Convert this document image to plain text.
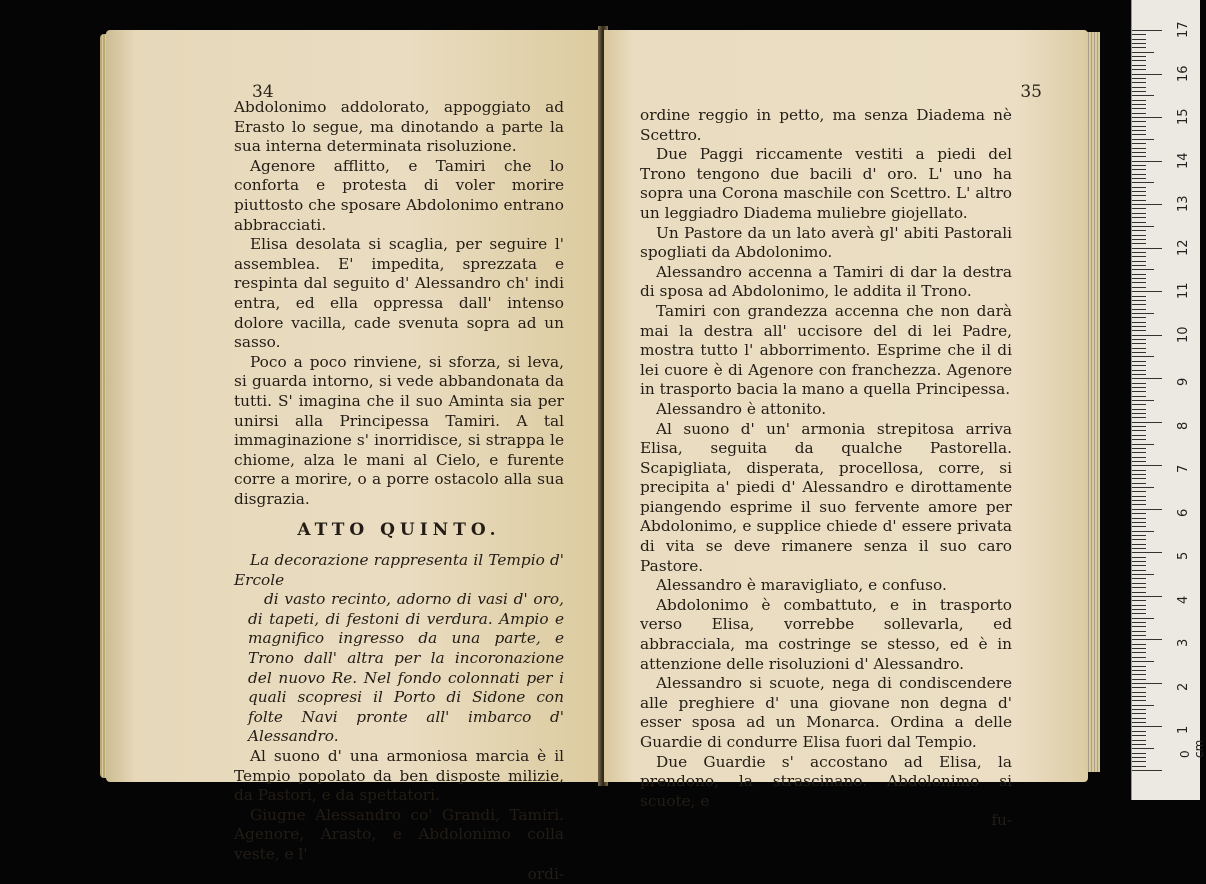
34

Abdolonimo addolorato, appoggiato ad Erasto lo segue, ma dinotando a parte la sua interna determinata risoluzione.

Agenore afflitto, e Tamiri che lo conforta e protesta di voler morire piuttosto che sposare Abdolonimo entrano abbracciati.

Elisa desolata si scaglia, per seguire l' assemblea. E' impedita, sprezzata e respinta dal seguito d' Alessandro ch' indi entra, ed ella oppressa dall' intenso dolore vacilla, cade svenuta sopra ad un sasso.

Poco a poco rinviene, si sforza, si leva, si guarda intorno, si vede abbandonata da tutti. S' imagina che il suo Aminta sia per unirsi alla Principessa Tamiri. A tal immaginazione s' inorridisce, si strappa le chiome, alza le mani al Cielo, e furente corre a morire, o a porre ostacolo alla sua disgrazia.

ATTO QUINTO.

La decorazione rappresenta il Tempio d' Ercole
di vasto recinto, adorno di vasi d' oro, di tapeti, di festoni di verdura. Ampio e magnifico ingresso da una parte, e Trono dall' altra per la incoronazione del nuovo Re. Nel fondo colonnati per i quali scopresi il Porto di Sidone con folte Navi pronte all' imbarco d' Alessandro.

Al suono d' una armoniosa marcia è il Tempio popolato da ben disposte milizie, da Pastori, e da spettatori.

Giugne Alessandro co' Grandi, Tamiri. Agenore, Arasto, e Abdolonimo colla veste, e l'

ordi-

35

ordine reggio in petto, ma senza Diadema nè Scettro.

Due Paggi riccamente vestiti a piedi del Trono tengono due bacili d' oro. L' uno ha sopra una Corona maschile con Scettro. L' altro un leggiadro Diadema muliebre giojellato.

Un Pastore da un lato averà gl' abiti Pastorali spogliati da Abdolonimo.

Alessandro accenna a Tamiri di dar la destra di sposa ad Abdolonimo, le addita il Trono.

Tamiri con grandezza accenna che non darà mai la destra all' uccisore del di lei Padre, mostra tutto l' abborrimento. Esprime che il di lei cuore è di Agenore con franchezza. Agenore in trasporto bacia la mano a quella Principessa.

Alessandro è attonito.

Al suono d' un' armonia strepitosa arriva Elisa, seguita da qualche Pastorella. Scapigliata, disperata, procellosa, corre, si precipita a' piedi d' Alessandro e dirottamente piangendo esprime il suo fervente amore per Abdolonimo, e supplice chiede d' essere privata di vita se deve rimanere senza il suo caro Pastore.

Alessandro è maravigliato, e confuso.

Abdolonimo è combattuto, e in trasporto verso Elisa, vorrebbe sollevarla, ed abbracciala, ma costringe se stesso, ed è in attenzione delle risoluzioni d' Alessandro.

Alessandro si scuote, nega di condiscendere alle preghiere d' una giovane non degna d' esser sposa ad un Monarca. Ordina a delle Guardie di condurre Elisa fuori dal Tempio.

Due Guardie s' accostano ad Elisa, la prendono, la strascinano. Abdolonimo si scuote, e

fu-

0 cm
17
16
15
14
13
12
11
10
9
8
7
6
5
4
3
2
1
